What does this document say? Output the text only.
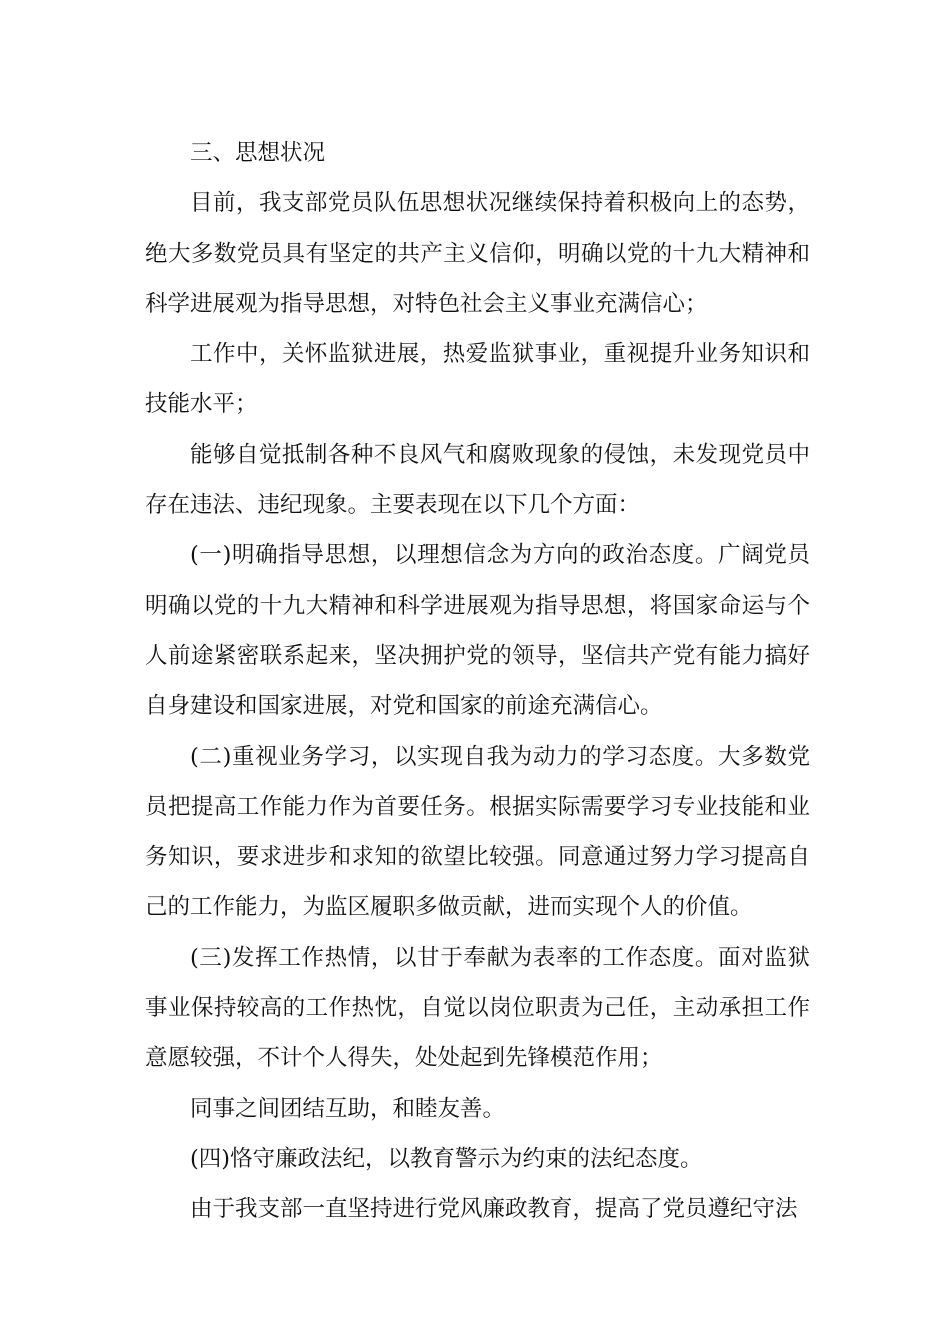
三、思想状况

目前，我支部党员队伍思想状况继续保持着积极向上的态势，绝大多数党员具有坚定的共产主义信仰，明确以党的十九大精神和科学进展观为指导思想，对特色社会主义事业充满信心；

工作中，关怀监狱进展，热爱监狱事业，重视提升业务知识和技能水平；

能够自觉抵制各种不良风气和腐败现象的侵蚀，未发现党员中存在违法、违纪现象。主要表现在以下几个方面：

(一)明确指导思想，以理想信念为方向的政治态度。广阔党员明确以党的十九大精神和科学进展观为指导思想，将国家命运与个人前途紧密联系起来，坚决拥护党的领导，坚信共产党有能力搞好自身建设和国家进展，对党和国家的前途充满信心。

(二)重视业务学习，以实现自我为动力的学习态度。大多数党员把提高工作能力作为首要任务。根据实际需要学习专业技能和业务知识，要求进步和求知的欲望比较强。同意通过努力学习提高自己的工作能力，为监区履职多做贡献，进而实现个人的价值。

(三)发挥工作热情，以甘于奉献为表率的工作态度。面对监狱事业保持较高的工作热忱，自觉以岗位职责为己任，主动承担工作意愿较强，不计个人得失，处处起到先锋模范作用；

同事之间团结互助，和睦友善。

(四)恪守廉政法纪，以教育警示为约束的法纪态度。

由于我支部一直坚持进行党风廉政教育，提高了党员遵纪守法
